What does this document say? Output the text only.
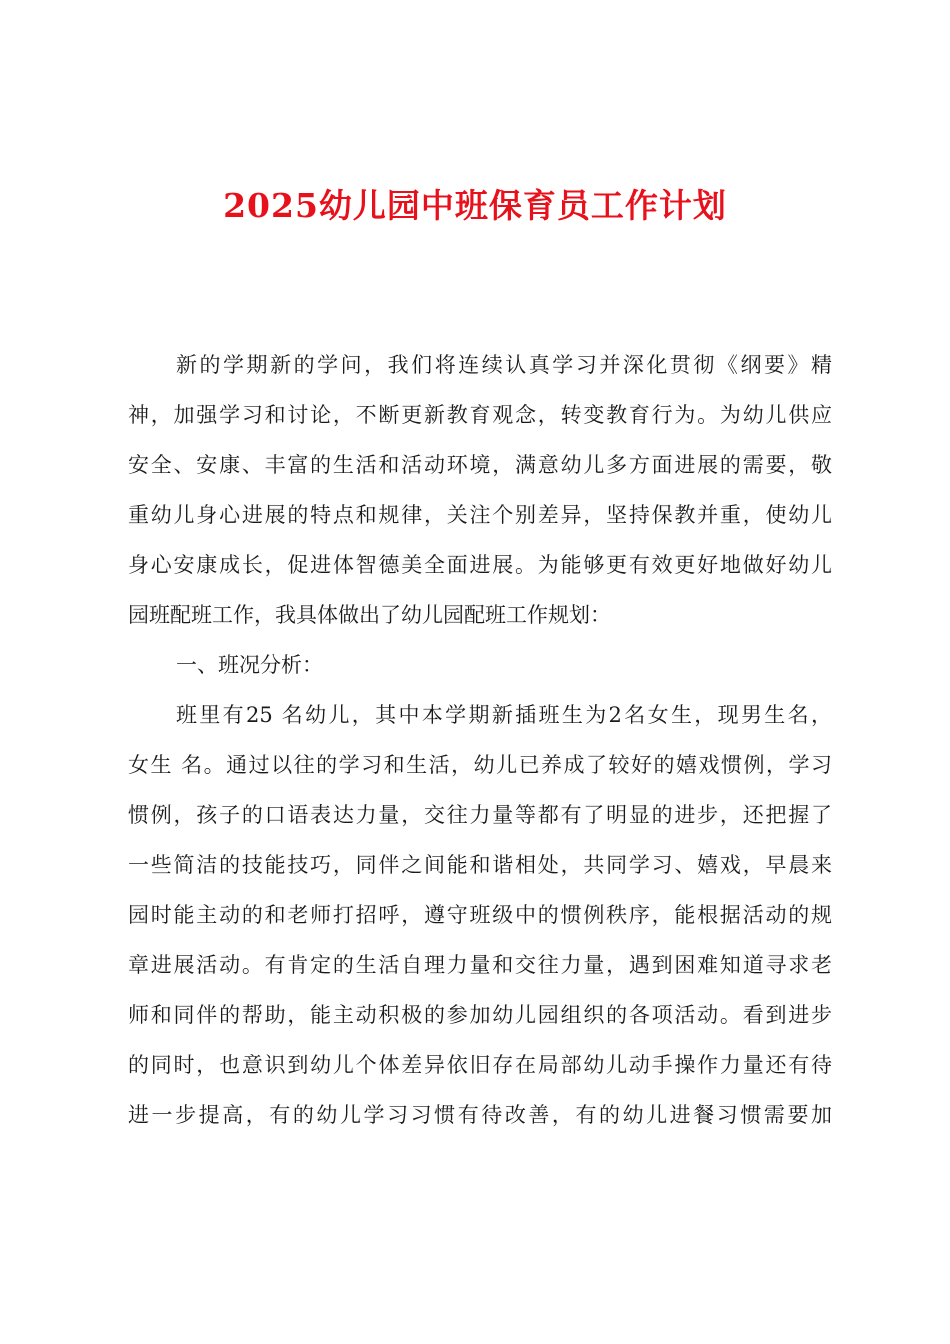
2025幼儿园中班保育员工作计划
新的学期新的学问，我们将连续认真学习并深化贯彻《纲要》精
神，加强学习和讨论，不断更新教育观念，转变教育行为。为幼儿供应
安全、安康、丰富的生活和活动环境，满意幼儿多方面进展的需要，敬
重幼儿身心进展的特点和规律，关注个别差异，坚持保教并重，使幼儿
身心安康成长，促进体智德美全面进展。为能够更有效更好地做好幼儿
园班配班工作，我具体做出了幼儿园配班工作规划：
一、班况分析：
班里有25 名幼儿，其中本学期新插班生为2名女生，现男生名，
女生 名。通过以往的学习和生活，幼儿已养成了较好的嬉戏惯例，学习
惯例，孩子的口语表达力量，交往力量等都有了明显的进步，还把握了
一些简洁的技能技巧，同伴之间能和谐相处，共同学习、嬉戏，早晨来
园时能主动的和老师打招呼，遵守班级中的惯例秩序，能根据活动的规
章进展活动。有肯定的生活自理力量和交往力量，遇到困难知道寻求老
师和同伴的帮助，能主动积极的参加幼儿园组织的各项活动。看到进步
的同时，也意识到幼儿个体差异依旧存在局部幼儿动手操作力量还有待
进一步提高，有的幼儿学习习惯有待改善，有的幼儿进餐习惯需要加
